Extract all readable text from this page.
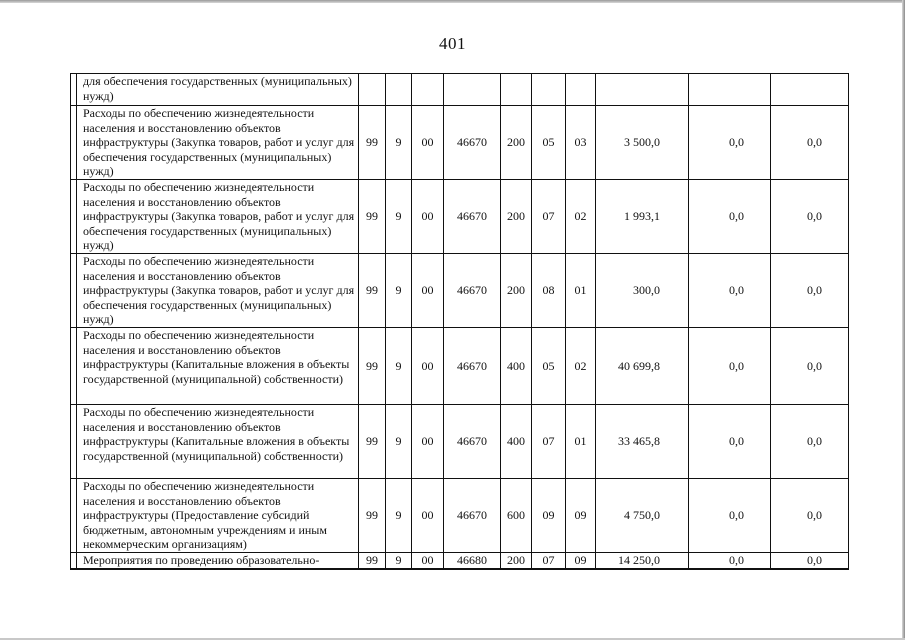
401
	для обеспечения государственных (муниципальных) нужд)										
	Расходы по обеспечению жизнедеятельности населения и восстановлению объектов инфраструктуры (Закупка товаров, работ и услуг для обеспечения государственных (муниципальных) нужд)	99	9	00	46670	200	05	03	3 500,0	0,0	0,0
	Расходы по обеспечению жизнедеятельности населения и восстановлению объектов инфраструктуры (Закупка товаров, работ и услуг для обеспечения государственных (муниципальных) нужд)	99	9	00	46670	200	07	02	1 993,1	0,0	0,0
	Расходы по обеспечению жизнедеятельности населения и восстановлению объектов инфраструктуры (Закупка товаров, работ и услуг для обеспечения государственных (муниципальных) нужд)	99	9	00	46670	200	08	01	300,0	0,0	0,0
	Расходы по обеспечению жизнедеятельности населения и восстановлению объектов инфраструктуры (Капитальные вложения в объекты государственной (муниципальной) собственности)	99	9	00	46670	400	05	02	40 699,8	0,0	0,0
	Расходы по обеспечению жизнедеятельности населения и восстановлению объектов инфраструктуры (Капитальные вложения в объекты государственной (муниципальной) собственности)	99	9	00	46670	400	07	01	33 465,8	0,0	0,0
	Расходы по обеспечению жизнедеятельности населения и восстановлению объектов инфраструктуры (Предоставление субсидий бюджетным, автономным учреждениям и иным некоммерческим организациям)	99	9	00	46670	600	09	09	4 750,0	0,0	0,0
	Мероприятия по проведению образовательно-	99	9	00	46680	200	07	09	14 250,0	0,0	0,0
